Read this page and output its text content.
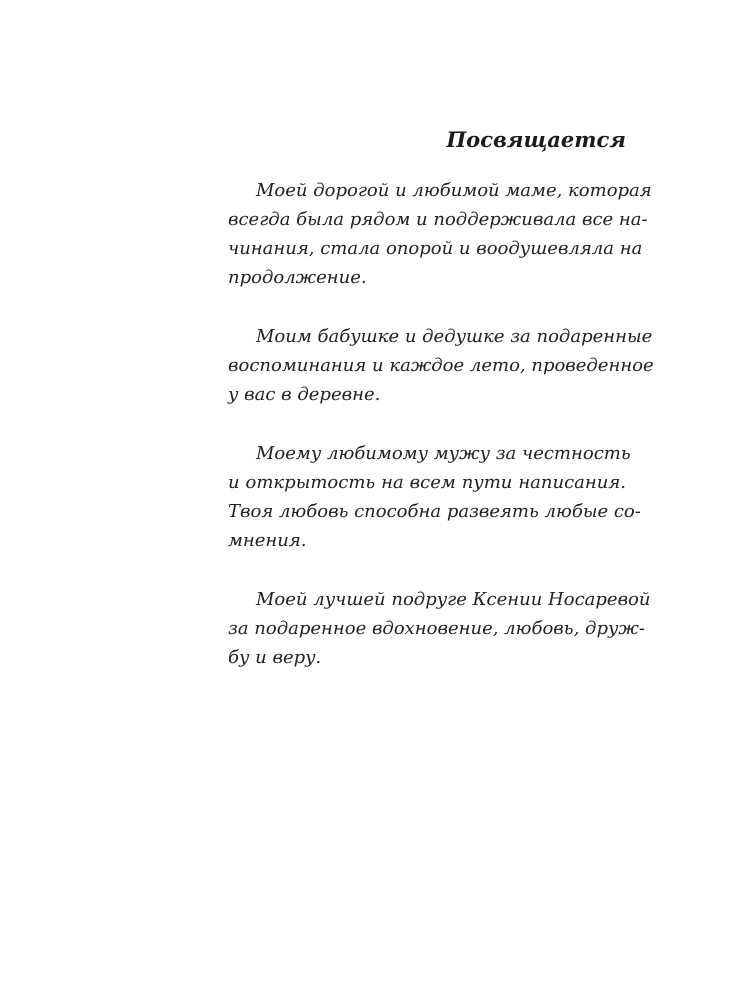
Посвящается

Моей дорогой и любимой маме, которая
всегда была рядом и поддерживала все на-
чинания, стала опорой и воодушевляла на
продолжение.

Моим бабушке и дедушке за подаренные
воспоминания и каждое лето, проведенное
у вас в деревне.

Моему любимому мужу за честность
и открытость на всем пути написания.
Твоя любовь способна развеять любые со-
мнения.

Моей лучшей подруге Ксении Носаревой
за подаренное вдохновение, любовь, друж-
бу и веру.
